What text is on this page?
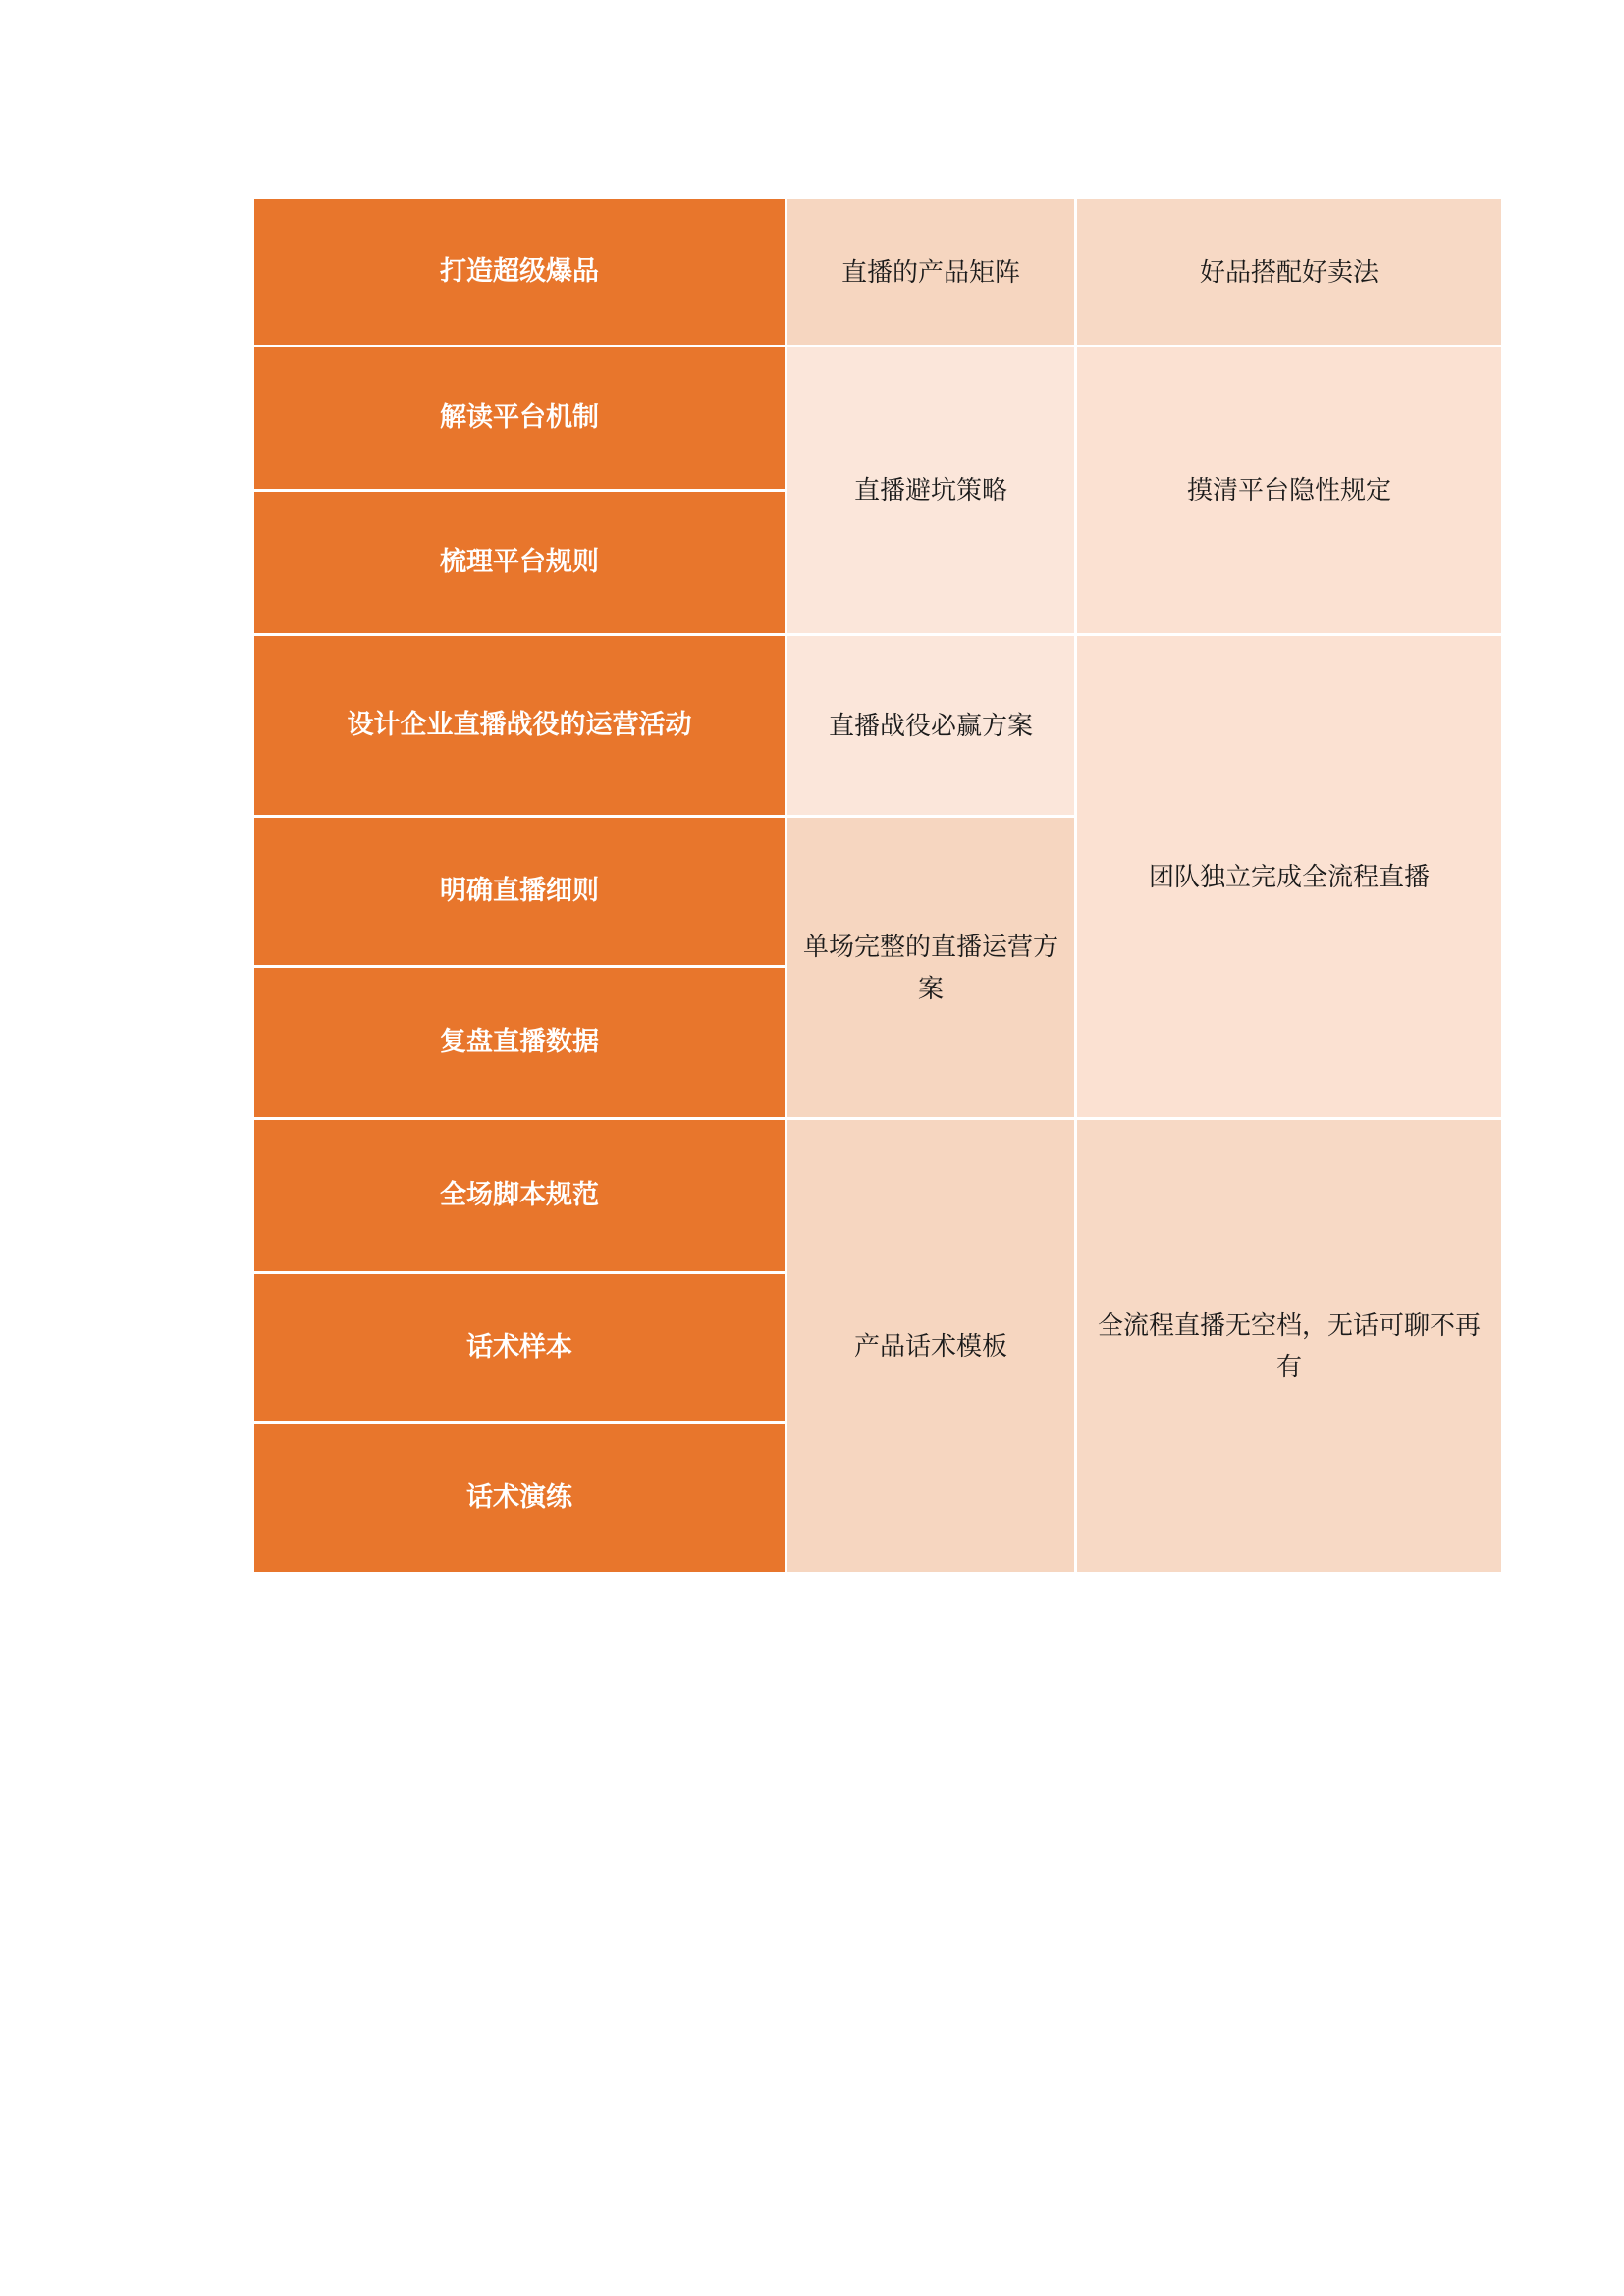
打造超级爆品	直播的产品矩阵	好品搭配好卖法
解读平台机制	直播避坑策略	摸清平台隐性规定
梳理平台规则		
设计企业直播战役的运营活动	直播战役必赢方案	团队独立完成全流程直播
明确直播细则	单场完整的直播运营方案	
复盘直播数据		
全场脚本规范	产品话术模板	全流程直播无空档，无话可聊不再有
话术样本		
话术演练		
